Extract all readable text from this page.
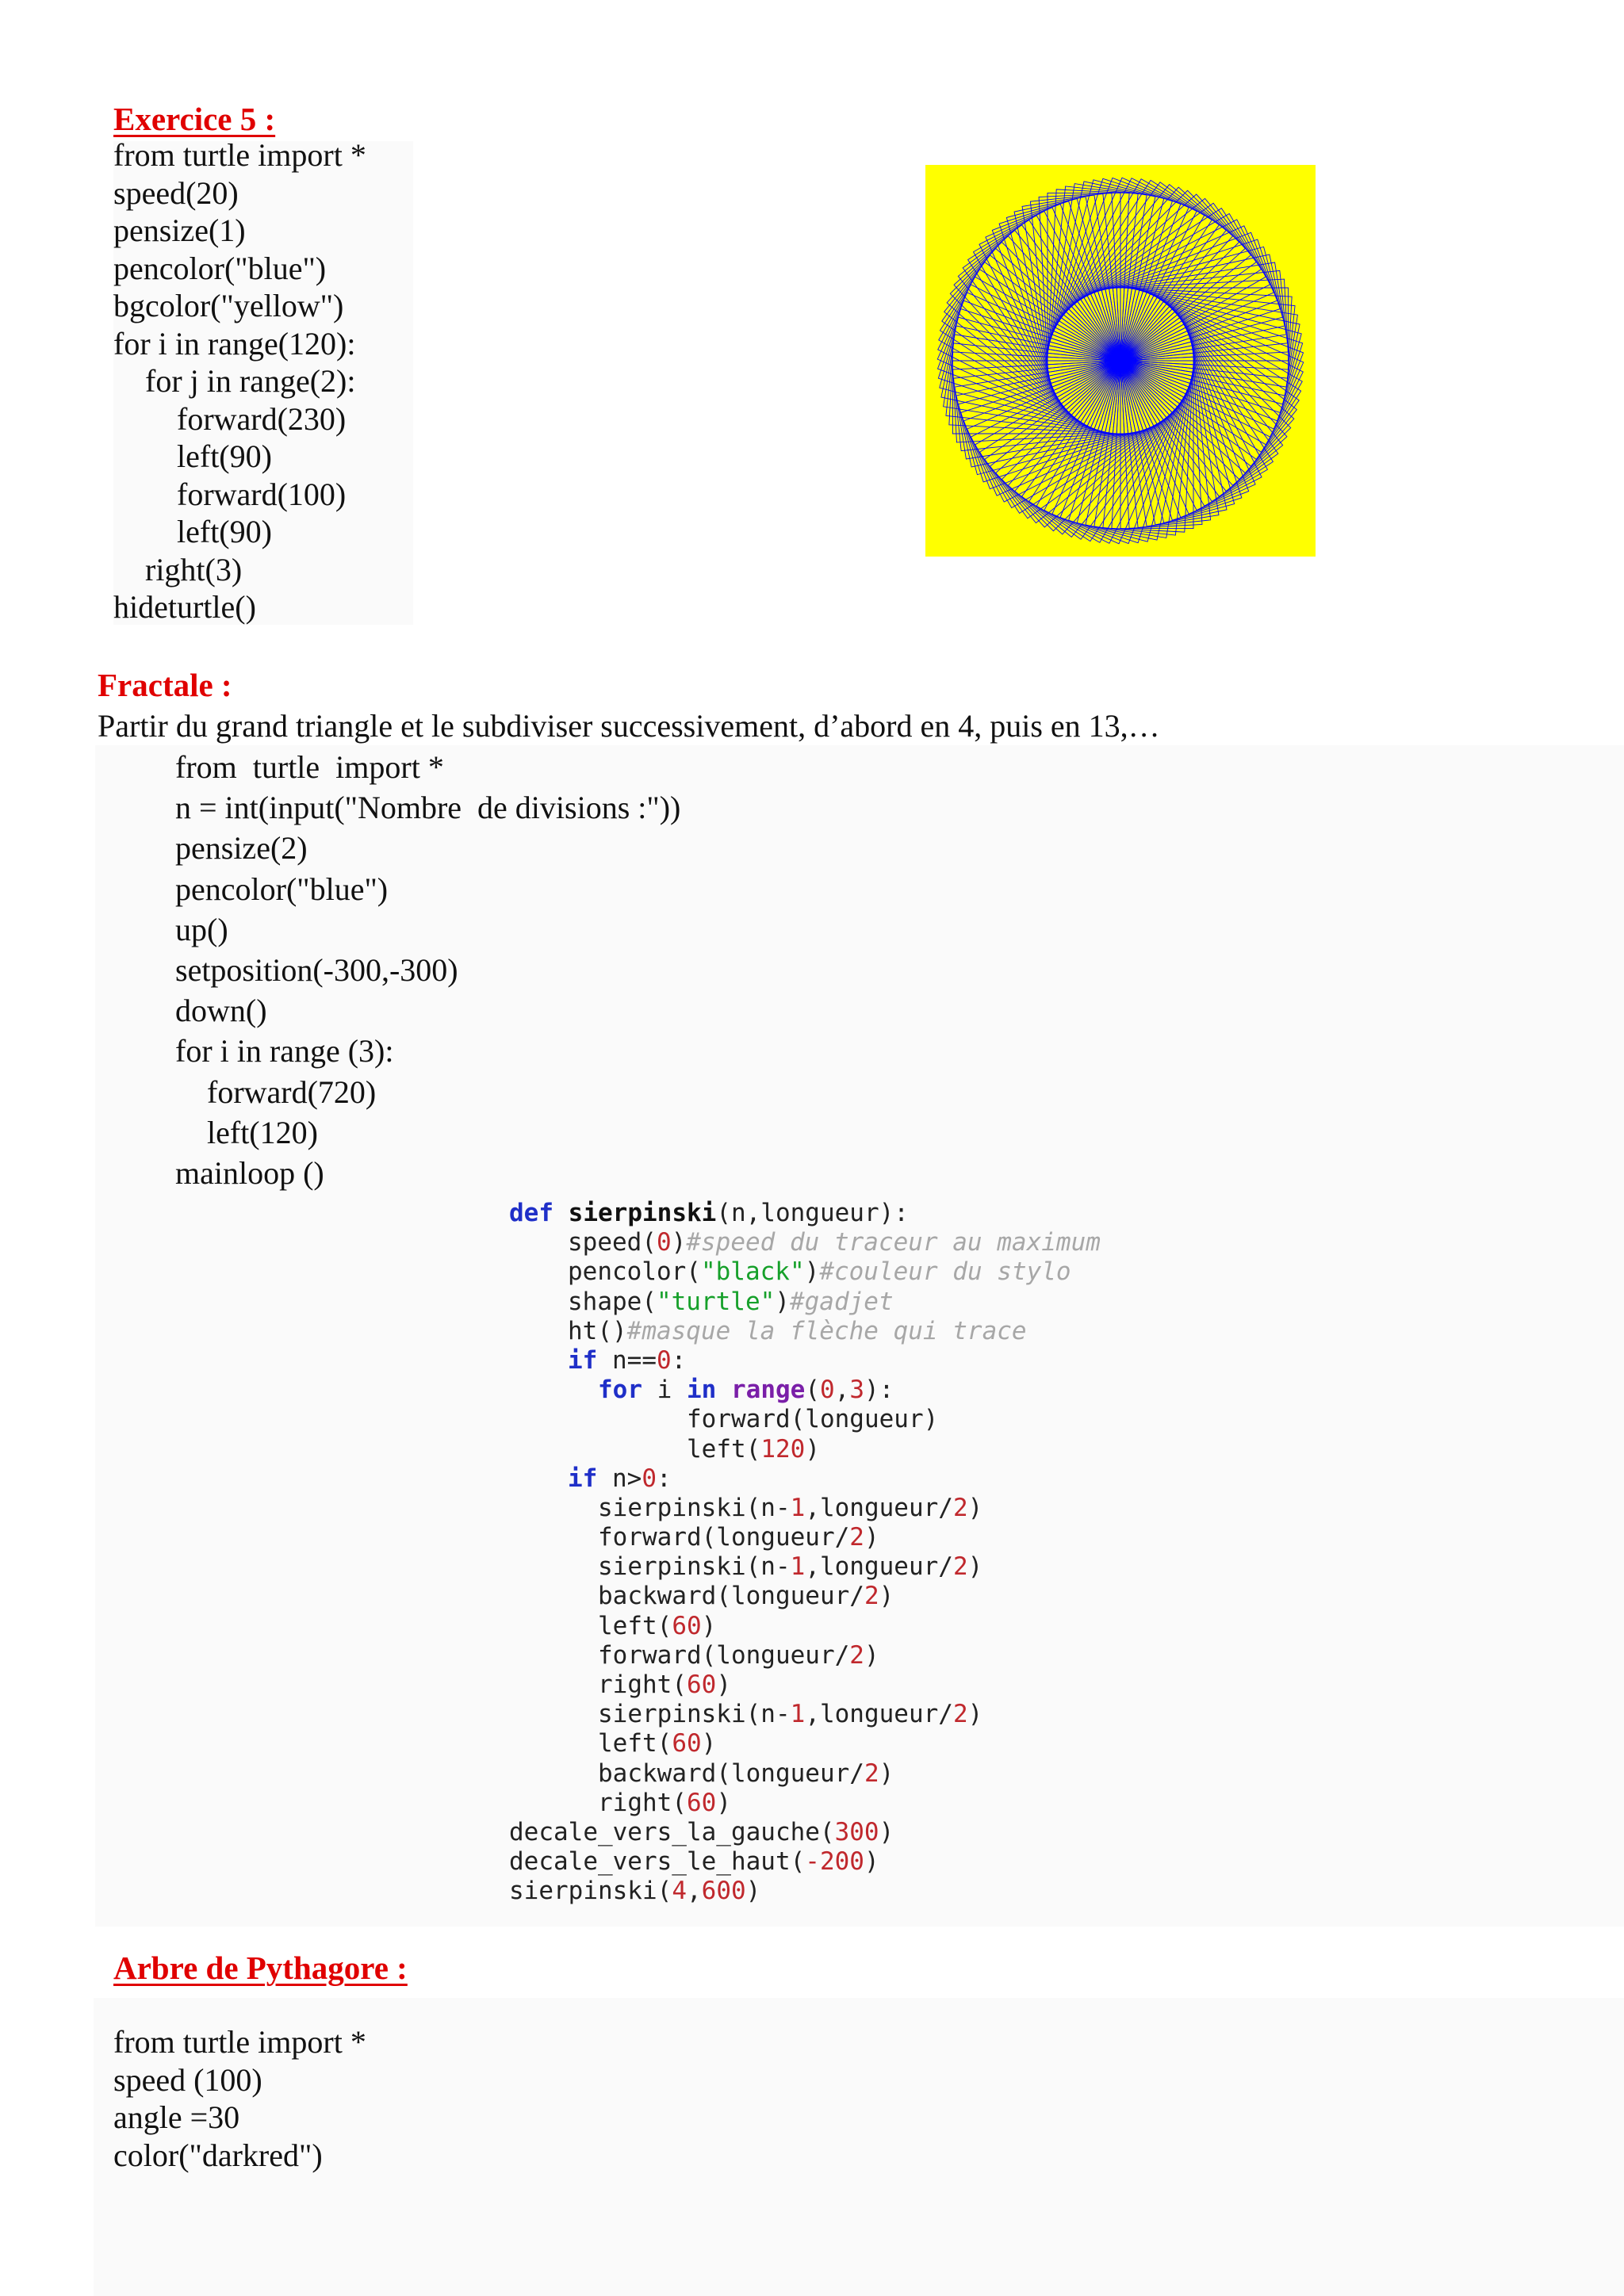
Exercice 5 :
from turtle import *
speed(20)
pensize(1)
pencolor("blue")
bgcolor("yellow")
for i in range(120):
for j in range(2):
forward(230)
left(90)
forward(100)
left(90)
right(3)
hideturtle()
Fractale :
Partir du grand triangle et le subdiviser successivement, d’abord en 4, puis en 13,…
from  turtle  import *
n = int(input("Nombre  de divisions :"))
pensize(2)
pencolor("blue")
up()
setposition(-300,-300)
down()
for i in range (3):
forward(720)
left(120)
mainloop ()
def sierpinski(n,longueur):
speed(0)#speed du traceur au maximum
pencolor("black")#couleur du stylo
shape("turtle")#gadjet
ht()#masque la flèche qui trace
if n==0:
for i in range(0,3):
forward(longueur)
left(120)
if n>0:
sierpinski(n-1,longueur/2)
forward(longueur/2)
sierpinski(n-1,longueur/2)
backward(longueur/2)
left(60)
forward(longueur/2)
right(60)
sierpinski(n-1,longueur/2)
left(60)
backward(longueur/2)
right(60)
decale_vers_la_gauche(300)
decale_vers_le_haut(-200)
sierpinski(4,600)
Arbre de Pythagore :
from turtle import *
speed (100)
angle =30
color("darkred")
